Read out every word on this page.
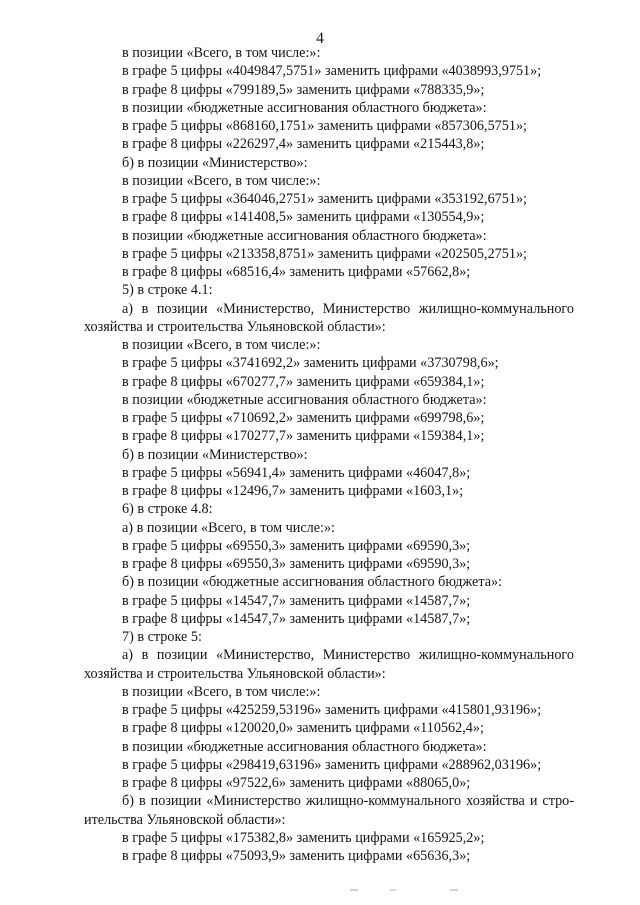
4
в позиции «Всего, в том числе:»:
в графе 5 цифры «4049847,5751» заменить цифрами «4038993,9751»;
в графе 8 цифры «799189,5» заменить цифрами «788335,9»;
в позиции «бюджетные ассигнования областного бюджета»:
в графе 5 цифры «868160,1751» заменить цифрами «857306,5751»;
в графе 8 цифры «226297,4» заменить цифрами «215443,8»;
б) в позиции «Министерство»:
в позиции «Всего, в том числе:»:
в графе 5 цифры «364046,2751» заменить цифрами «353192,6751»;
в графе 8 цифры «141408,5» заменить цифрами «130554,9»;
в позиции «бюджетные ассигнования областного бюджета»:
в графе 5 цифры «213358,8751» заменить цифрами «202505,2751»;
в графе 8 цифры «68516,4» заменить цифрами «57662,8»;
5) в строке 4.1:
а) в позиции «Министерство, Министерство жилищно-коммунального
хозяйства и строительства Ульяновской области»:
в позиции «Всего, в том числе:»:
в графе 5 цифры «3741692,2» заменить цифрами «3730798,6»;
в графе 8 цифры «670277,7» заменить цифрами «659384,1»;
в позиции «бюджетные ассигнования областного бюджета»:
в графе 5 цифры «710692,2» заменить цифрами «699798,6»;
в графе 8 цифры «170277,7» заменить цифрами «159384,1»;
б) в позиции «Министерство»:
в графе 5 цифры «56941,4» заменить цифрами «46047,8»;
в графе 8 цифры «12496,7» заменить цифрами «1603,1»;
6) в строке 4.8:
а) в позиции «Всего, в том числе:»:
в графе 5 цифры «69550,3» заменить цифрами «69590,3»;
в графе 8 цифры «69550,3» заменить цифрами «69590,3»;
б) в позиции «бюджетные ассигнования областного бюджета»:
в графе 5 цифры «14547,7» заменить цифрами «14587,7»;
в графе 8 цифры «14547,7» заменить цифрами «14587,7»;
7) в строке 5:
а) в позиции «Министерство, Министерство жилищно-коммунального
хозяйства и строительства Ульяновской области»:
в позиции «Всего, в том числе:»:
в графе 5 цифры «425259,53196» заменить цифрами «415801,93196»;
в графе 8 цифры «120020,0» заменить цифрами «110562,4»;
в позиции «бюджетные ассигнования областного бюджета»:
в графе 5 цифры «298419,63196» заменить цифрами «288962,03196»;
в графе 8 цифры «97522,6» заменить цифрами «88065,0»;
б) в позиции «Министерство жилищно-коммунального хозяйства и стро-
ительства Ульяновской области»:
в графе 5 цифры «175382,8» заменить цифрами «165925,2»;
в графе 8 цифры «75093,9» заменить цифрами «65636,3»;
